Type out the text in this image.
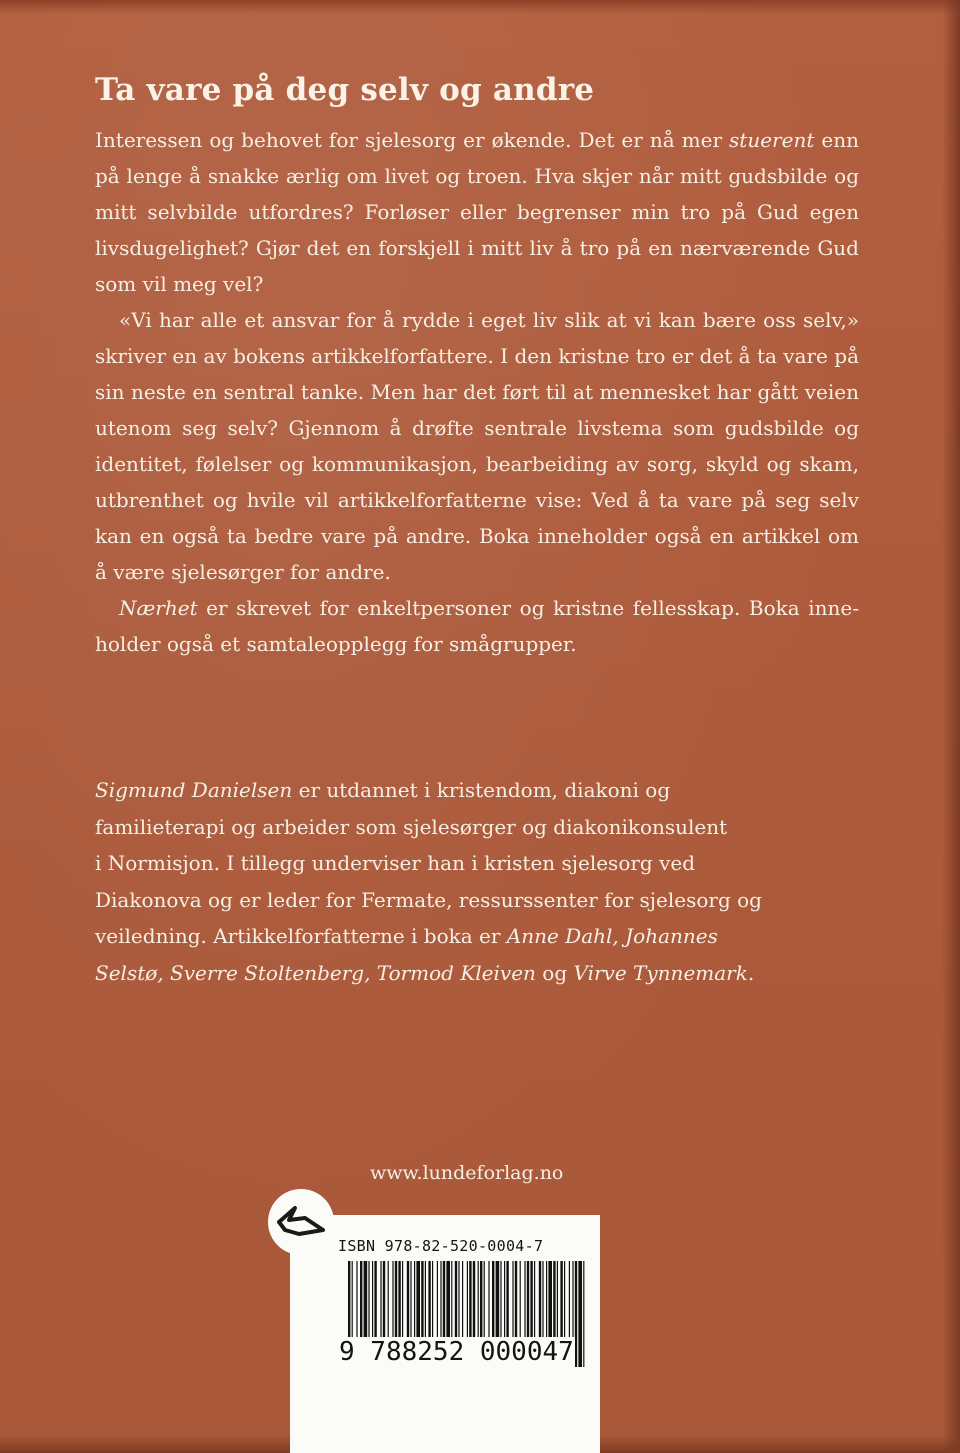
Ta vare på deg selv og andre

Interessen og behovet for sjelesorg er økende. Det er nå mer stuerent enn på lenge å snakke ærlig om livet og troen. Hva skjer når mitt gudsbilde og mitt selvbilde utfordres? Forløser eller begrenser min tro på Gud egen livsdugelighet? Gjør det en forskjell i mitt liv å tro på en nærværende Gud som vil meg vel?

«Vi har alle et ansvar for å rydde i eget liv slik at vi kan bære oss selv,» skriver en av bokens artikkelforfattere. I den kristne tro er det å ta vare på sin neste en sentral tanke. Men har det ført til at mennesket har gått veien utenom seg selv? Gjennom å drøfte sentrale livstema som gudsbilde og identitet, følelser og kommunikasjon, bearbeiding av sorg, skyld og skam, utbrenthet og hvile vil artikkelforfatterne vise: Ved å ta vare på seg selv kan en også ta bedre vare på andre. Boka inneholder også en artikkel om å være sjelesørger for andre.

Nærhet er skrevet for enkeltpersoner og kristne fellesskap. Boka inneholder også et samtaleopplegg for smågrupper.

Sigmund Danielsen er utdannet i kristendom, diakoni og

familieterapi og arbeider som sjelesørger og diakonikonsulent

i Normisjon. I tillegg underviser han i kristen sjelesorg ved

Diakonova og er leder for Fermate, ressurssenter for sjelesorg og

veiledning. Artikkelforfatterne i boka er Anne Dahl, Johannes

Selstø, Sverre Stoltenberg, Tormod Kleiven og Virve Tynnemark.

www.lundeforlag.no
ISBN 978-82-520-0004-7
9 788252 000047
